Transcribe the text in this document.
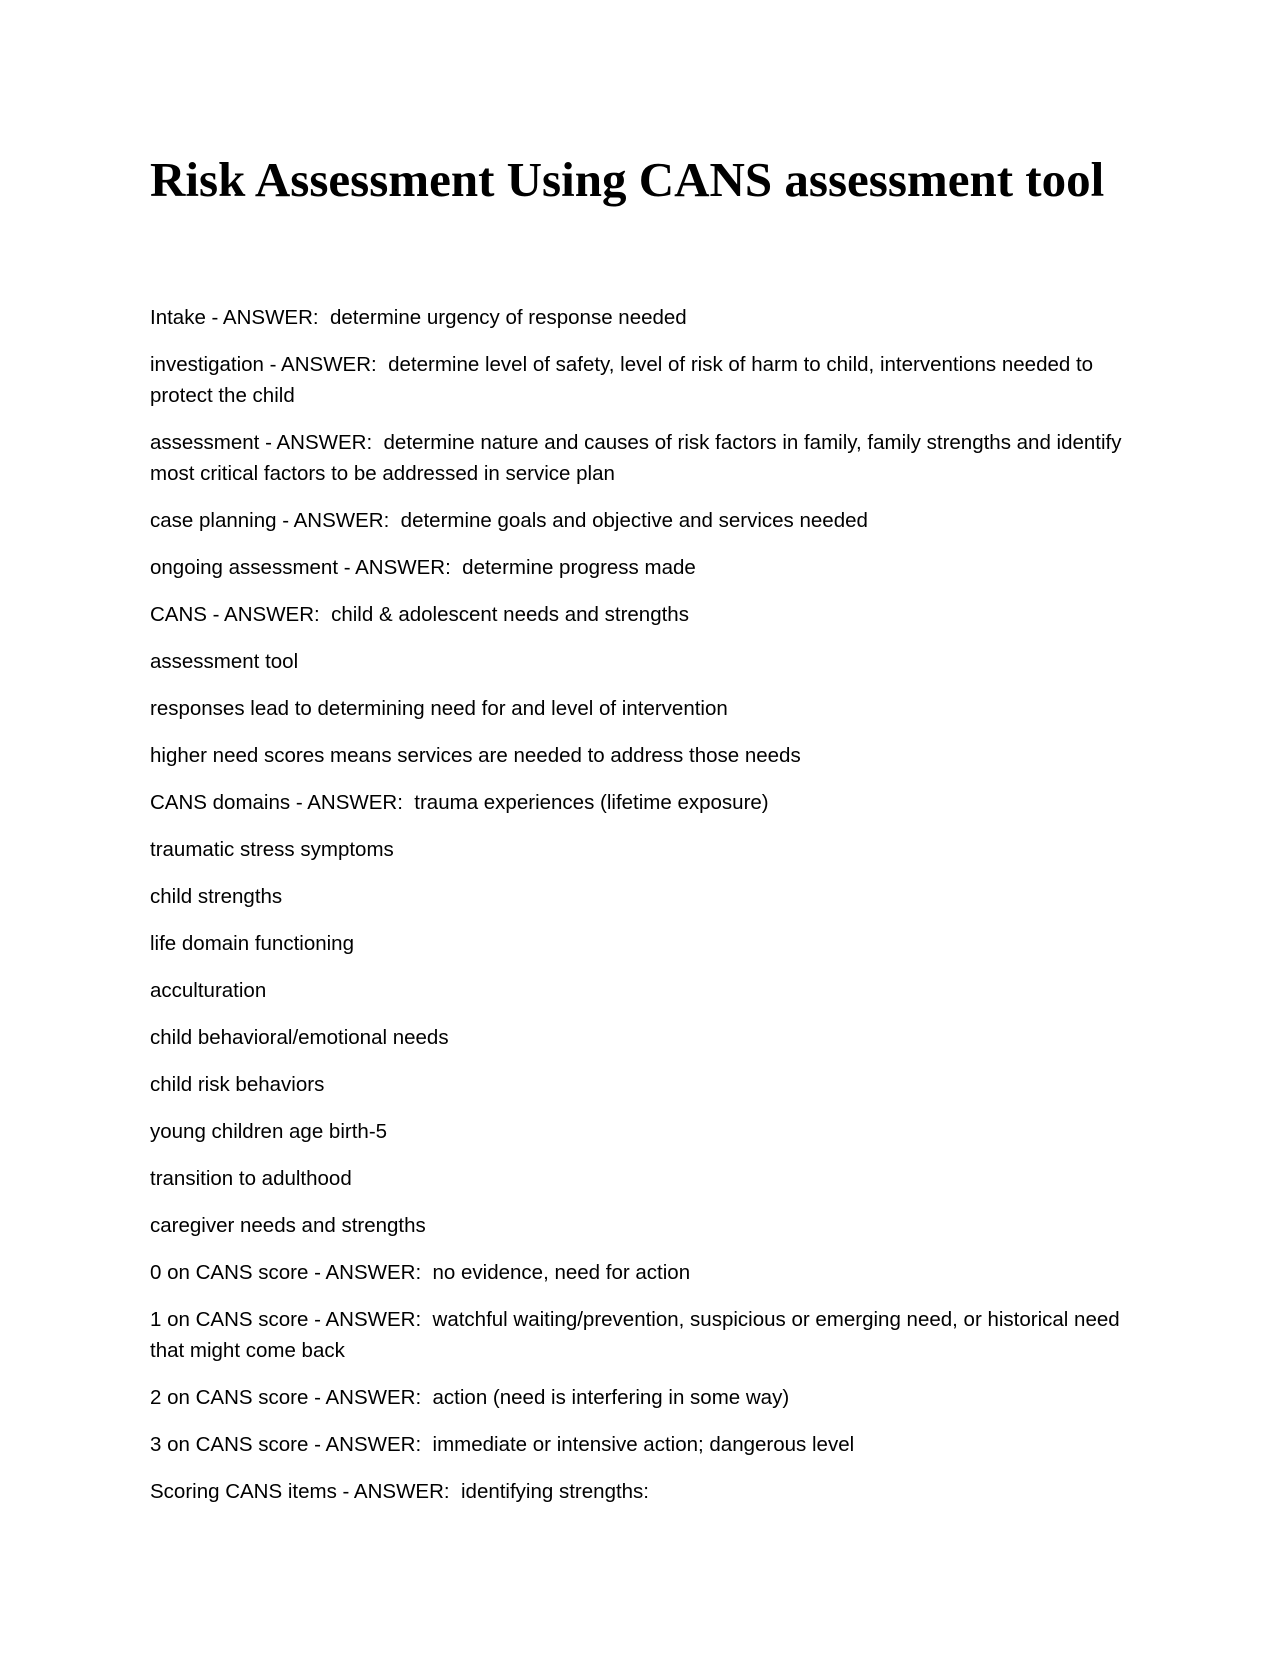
Risk Assessment Using CANS assessment tool

Intake - ANSWER:  determine urgency of response needed

investigation - ANSWER:  determine level of safety, level of risk of harm to child, interventions needed to protect the child

assessment - ANSWER:  determine nature and causes of risk factors in family, family strengths and identify most critical factors to be addressed in service plan

case planning - ANSWER:  determine goals and objective and services needed

ongoing assessment - ANSWER:  determine progress made

CANS - ANSWER:  child & adolescent needs and strengths

assessment tool

responses lead to determining need for and level of intervention

higher need scores means services are needed to address those needs

CANS domains - ANSWER:  trauma experiences (lifetime exposure)

traumatic stress symptoms

child strengths

life domain functioning

acculturation

child behavioral/emotional needs

child risk behaviors

young children age birth-5

transition to adulthood

caregiver needs and strengths

0 on CANS score - ANSWER:  no evidence, need for action

1 on CANS score - ANSWER:  watchful waiting/prevention, suspicious or emerging need, or historical need that might come back

2 on CANS score - ANSWER:  action (need is interfering in some way)

3 on CANS score - ANSWER:  immediate or intensive action; dangerous level

Scoring CANS items - ANSWER:  identifying strengths:
